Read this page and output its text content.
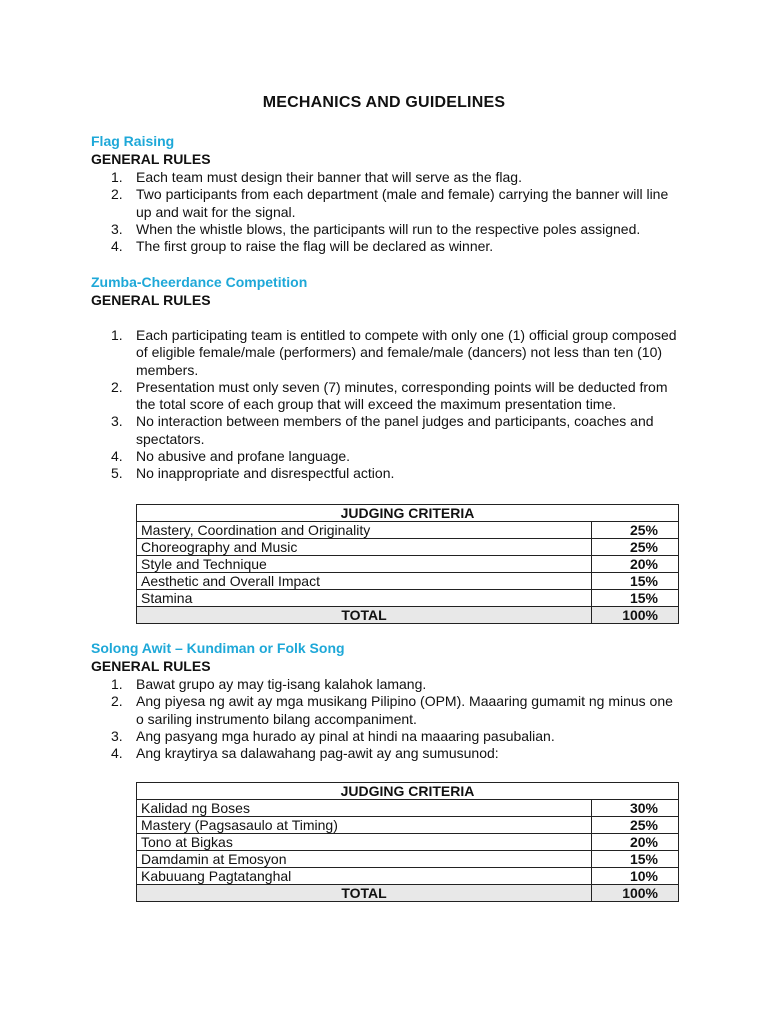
MECHANICS AND GUIDELINES
Flag Raising
GENERAL RULES
1. Each team must design their banner that will serve as the flag.
2. Two participants from each department (male and female) carrying the banner will line up and wait for the signal.
3. When the whistle blows, the participants will run to the respective poles assigned.
4. The first group to raise the flag will be declared as winner.
Zumba-Cheerdance Competition
GENERAL RULES
1. Each participating team is entitled to compete with only one (1) official group composed of eligible female/male (performers) and female/male (dancers) not less than ten (10) members.
2. Presentation must only seven (7) minutes, corresponding points will be deducted from the total score of each group that will exceed the maximum presentation time.
3. No interaction between members of the panel judges and participants, coaches and spectators.
4. No abusive and profane language.
5. No inappropriate and disrespectful action.
JUDGING CRITERIA	
Mastery, Coordination and Originality	25%
Choreography and Music	25%
Style and Technique	20%
Aesthetic and Overall Impact	15%
Stamina	15%
TOTAL	100%
Solong Awit – Kundiman or Folk Song
GENERAL RULES
1. Bawat grupo ay may tig-isang kalahok lamang.
2. Ang piyesa ng awit ay mga musikang Pilipino (OPM). Maaaring gumamit ng minus one o sariling instrumento bilang accompaniment.
3. Ang pasyang mga hurado ay pinal at hindi na maaaring pasubalian.
4. Ang kraytirya sa dalawahang pag-awit ay ang sumusunod:
JUDGING CRITERIA	
Kalidad ng Boses	30%
Mastery (Pagsasaulo at Timing)	25%
Tono at Bigkas	20%
Damdamin at Emosyon	15%
Kabuuang Pagtatanghal	10%
TOTAL	100%
